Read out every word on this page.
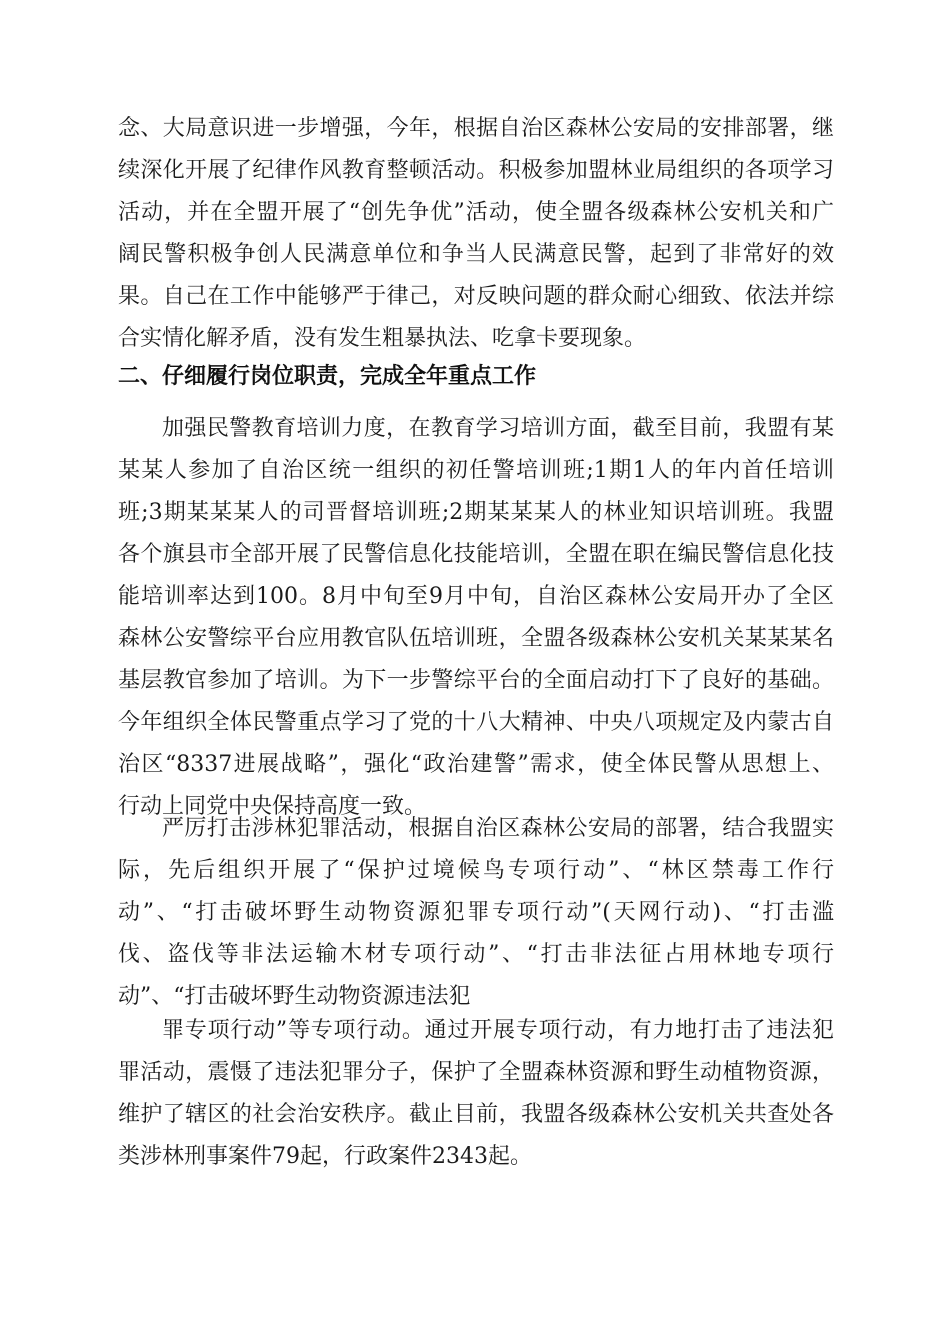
念、大局意识进一步增强，今年，根据自治区森林公安局的安排部署，继

续深化开展了纪律作风教育整顿活动。积极参加盟林业局组织的各项学习

活动，并在全盟开展了“创先争优”活动，使全盟各级森林公安机关和广

阔民警积极争创人民满意单位和争当人民满意民警，起到了非常好的效

果。自己在工作中能够严于律己，对反映问题的群众耐心细致、依法并综

合实情化解矛盾，没有发生粗暴执法、吃拿卡要现象。

二、仔细履行岗位职责，完成全年重点工作

加强民警教育培训力度，在教育学习培训方面，截至目前，我盟有某

某某人参加了自治区统一组织的初任警培训班;1期1人的年内首任培训

班;3期某某某人的司晋督培训班;2期某某某人的林业知识培训班。我盟

各个旗县市全部开展了民警信息化技能培训，全盟在职在编民警信息化技

能培训率达到100。8月中旬至9月中旬，自治区森林公安局开办了全区

森林公安警综平台应用教官队伍培训班，全盟各级森林公安机关某某某名

基层教官参加了培训。为下一步警综平台的全面启动打下了良好的基础。

今年组织全体民警重点学习了党的十八大精神、中央八项规定及内蒙古自

治区“8337进展战略”，强化“政治建警”需求，使全体民警从思想上、

行动上同党中央保持高度一致。

严厉打击涉林犯罪活动，根据自治区森林公安局的部署，结合我盟实

际，先后组织开展了“保护过境候鸟专项行动”、“林区禁毒工作行

动”、“打击破坏野生动物资源犯罪专项行动”(天网行动)、“打击滥

伐、盗伐等非法运输木材专项行动”、“打击非法征占用林地专项行

动”、“打击破坏野生动物资源违法犯

罪专项行动”等专项行动。通过开展专项行动，有力地打击了违法犯

罪活动，震慑了违法犯罪分子，保护了全盟森林资源和野生动植物资源，

维护了辖区的社会治安秩序。截止目前，我盟各级森林公安机关共查处各

类涉林刑事案件79起，行政案件2343起。
